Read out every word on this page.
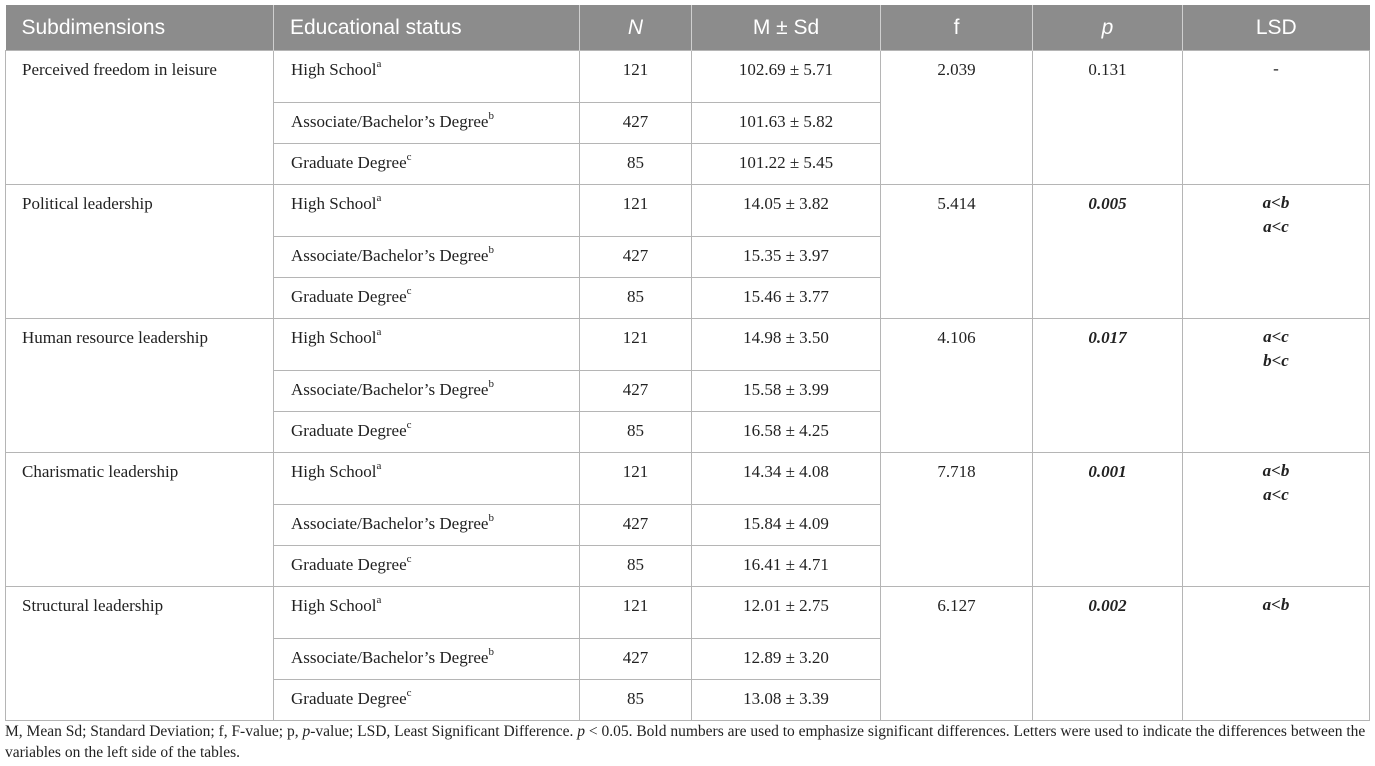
Subdimensions	Educational status	N	M ± Sd	f	p	LSD
Perceived freedom in leisure	High School$^a$	121	102.69 ± 5.71	2.039	0.131	-

	Associate/Bachelor’s Degree$^b$	427	101.63 ± 5.82			
	Graduate Degree$^c$	85	101.22 ± 5.45			
Political leadership	High School$^a$	121	14.05 ± 3.82	5.414	0.005	a<b
a<c

	Associate/Bachelor’s Degree$^b$	427	15.35 ± 3.97			
	Graduate Degree$^c$	85	15.46 ± 3.77			
Human resource leadership	High School$^a$	121	14.98 ± 3.50	4.106	0.017	a<c
b<c

	Associate/Bachelor’s Degree$^b$	427	15.58 ± 3.99			
	Graduate Degree$^c$	85	16.58 ± 4.25			
Charismatic leadership	High School$^a$	121	14.34 ± 4.08	7.718	0.001	a<b
a<c

	Associate/Bachelor’s Degree$^b$	427	15.84 ± 4.09			
	Graduate Degree$^c$	85	16.41 ± 4.71			
Structural leadership	High School$^a$	121	12.01 ± 2.75	6.127	0.002	a<b

	Associate/Bachelor’s Degree$^b$	427	12.89 ± 3.20			
	Graduate Degree$^c$	85	13.08 ± 3.39			

M, Mean Sd; Standard Deviation; f, F-value; p, p-value; LSD, Least Significant Difference. p < 0.05. Bold numbers are used to emphasize significant differences. Letters were used to indicate the differences between the variables on the left side of the tables.
